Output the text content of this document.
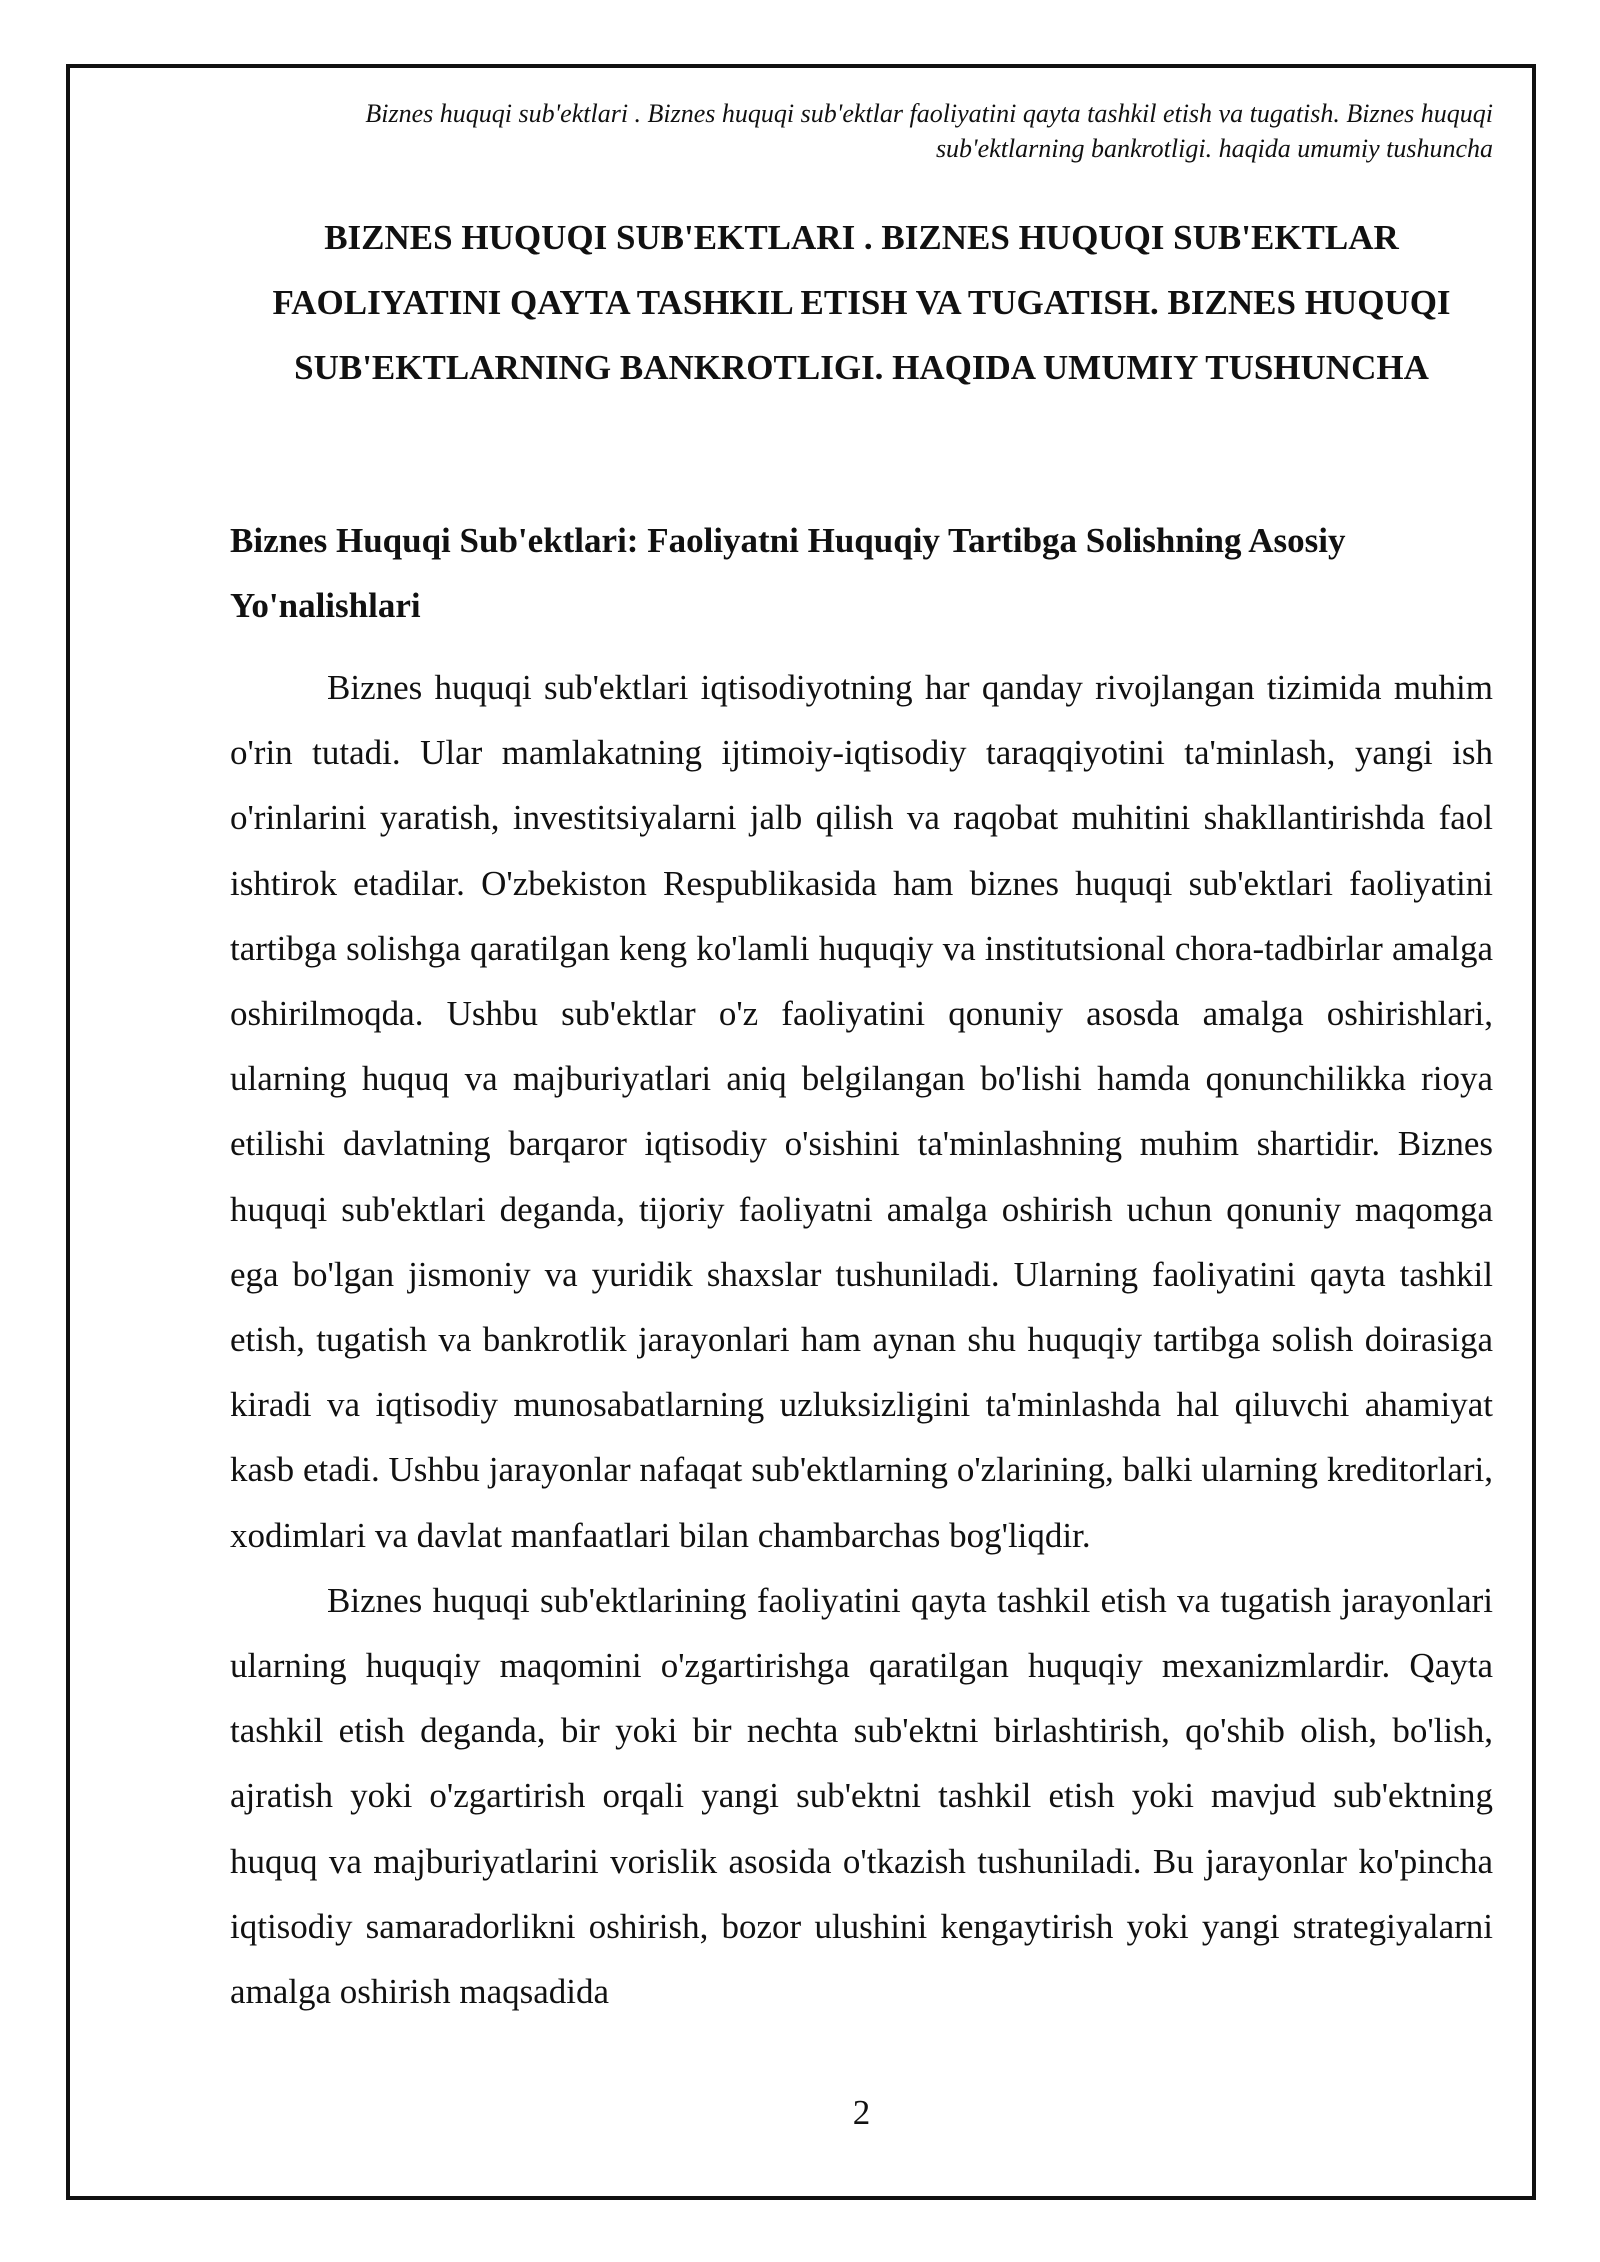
Biznes huquqi sub'ektlari . Biznes huquqi sub'ektlar faoliyatini qayta tashkil etish va tugatish. Biznes huquqi sub'ektlarning bankrotligi. haqida umumiy tushuncha
BIZNES HUQUQI SUB'EKTLARI . BIZNES HUQUQI SUB'EKTLAR FAOLIYATINI QAYTA TASHKIL ETISH VA TUGATISH. BIZNES HUQUQI SUB'EKTLARNING BANKROTLIGI. HAQIDA UMUMIY TUSHUNCHA
Biznes Huquqi Sub'ektlari: Faoliyatni Huquqiy Tartibga Solishning Asosiy Yo'nalishlari

Biznes huquqi sub'ektlari iqtisodiyotning har qanday rivojlangan tizimida muhim o'rin tutadi. Ular mamlakatning ijtimoiy-iqtisodiy taraqqiyotini ta'minlash, yangi ish o'rinlarini yaratish, investitsiyalarni jalb qilish va raqobat muhitini shakllantirishda faol ishtirok etadilar. O'zbekiston Respublikasida ham biznes huquqi sub'ektlari faoliyatini tartibga solishga qaratilgan keng ko'lamli huquqiy va institutsional chora-tadbirlar amalga oshirilmoqda. Ushbu sub'ektlar o'z faoliyatini qonuniy asosda amalga oshirishlari, ularning huquq va majburiyatlari aniq belgilangan bo'lishi hamda qonunchilikka rioya etilishi davlatning barqaror iqtisodiy o'sishini ta'minlashning muhim shartidir. Biznes huquqi sub'ektlari deganda, tijoriy faoliyatni amalga oshirish uchun qonuniy maqomga ega bo'lgan jismoniy va yuridik shaxslar tushuniladi. Ularning faoliyatini qayta tashkil etish, tugatish va bankrotlik jarayonlari ham aynan shu huquqiy tartibga solish doirasiga kiradi va iqtisodiy munosabatlarning uzluksizligini ta'minlashda hal qiluvchi ahamiyat kasb etadi. Ushbu jarayonlar nafaqat sub'ektlarning o'zlarining, balki ularning kreditorlari, xodimlari va davlat manfaatlari bilan chambarchas bog'liqdir.

Biznes huquqi sub'ektlarining faoliyatini qayta tashkil etish va tugatish jarayonlari ularning huquqiy maqomini o'zgartirishga qaratilgan huquqiy mexanizmlardir. Qayta tashkil etish deganda, bir yoki bir nechta sub'ektni birlashtirish, qo'shib olish, bo'lish, ajratish yoki o'zgartirish orqali yangi sub'ektni tashkil etish yoki mavjud sub'ektning huquq va majburiyatlarini vorislik asosida o'tkazish tushuniladi. Bu jarayonlar ko'pincha iqtisodiy samaradorlikni oshirish, bozor ulushini kengaytirish yoki yangi strategiyalarni amalga oshirish maqsadida

2
